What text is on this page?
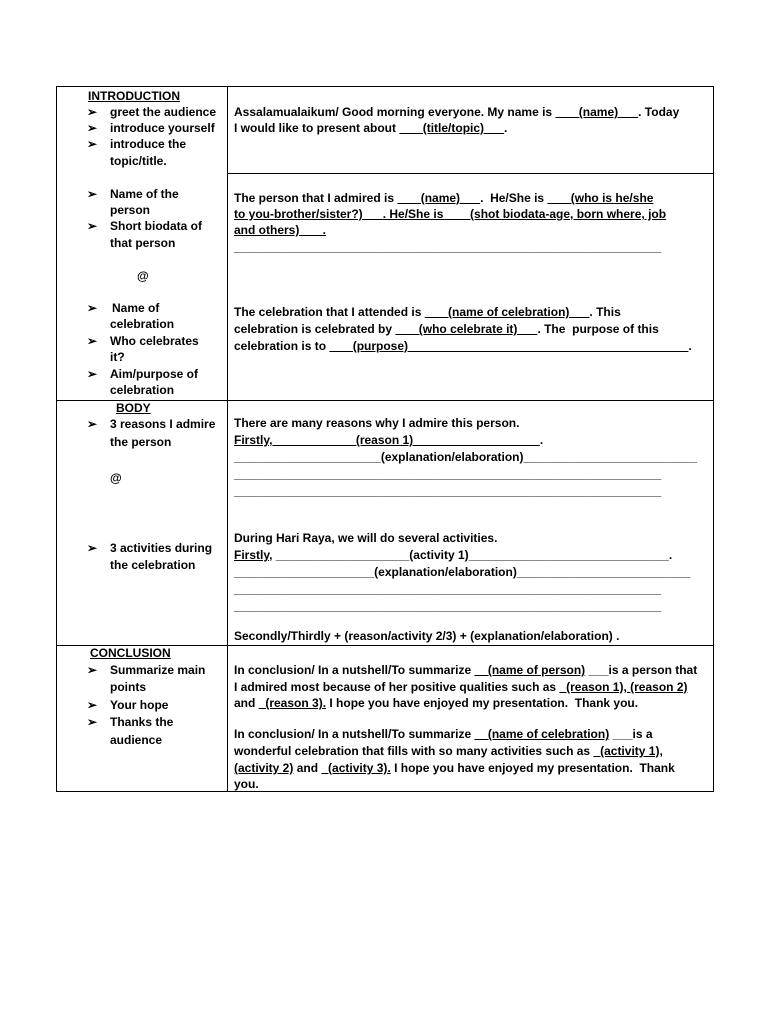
INTRODUCTION
➢ greet the audience
➢ introduce yourself
➢ introduce the
topic/title.
➢ Name of the
person
➢ Short biodata of
that person
@
➢ Name of
celebration
➢ Who celebrates
it?
➢ Aim/purpose of
celebration
Assalamualaikum/ Good morning everyone. My name is        (name)      . Today
I would like to present about        (title/topic)      .
The person that I admired is        (name)      .  He/She is        (who is he/she
to you-brother/sister?)      . He/She is        (shot biodata-age, born where, job
and others)       .
________________________________________________________________
The celebration that I attended is        (name of celebration)      . This
celebration is celebrated by        (who celebrate it)      . The  purpose of this
celebration is to        (purpose)__________________________________________.
BODY
➢ 3 reasons I admire
the person
@
➢ 3 activities during
the celebration
There are many reasons why I admire this person.
Firstly,                         (reason 1)                                      .
______________________(explanation/elaboration)__________________________
________________________________________________________________
________________________________________________________________
During Hari Raya, we will do several activities.
Firstly, ____________________(activity 1)______________________________.
_____________________(explanation/elaboration)__________________________
________________________________________________________________
________________________________________________________________
Secondly/Thirdly + (reason/activity 2/3) + (explanation/elaboration) .
CONCLUSION
➢ Summarize main
points
➢ Your hope
➢ Thanks the
audience
In conclusion/ In a nutshell/To summarize __(name of person) ___is a person that
I admired most because of her positive qualities such as _(reason 1), (reason 2)
and   (reason 3). I hope you have enjoyed my presentation.  Thank you.
In conclusion/ In a nutshell/To summarize __(name of celebration) ___is a
wonderful celebration that fills with so many activities such as _(activity 1),
(activity 2) and   (activity 3). I hope you have enjoyed my presentation.  Thank
you.
